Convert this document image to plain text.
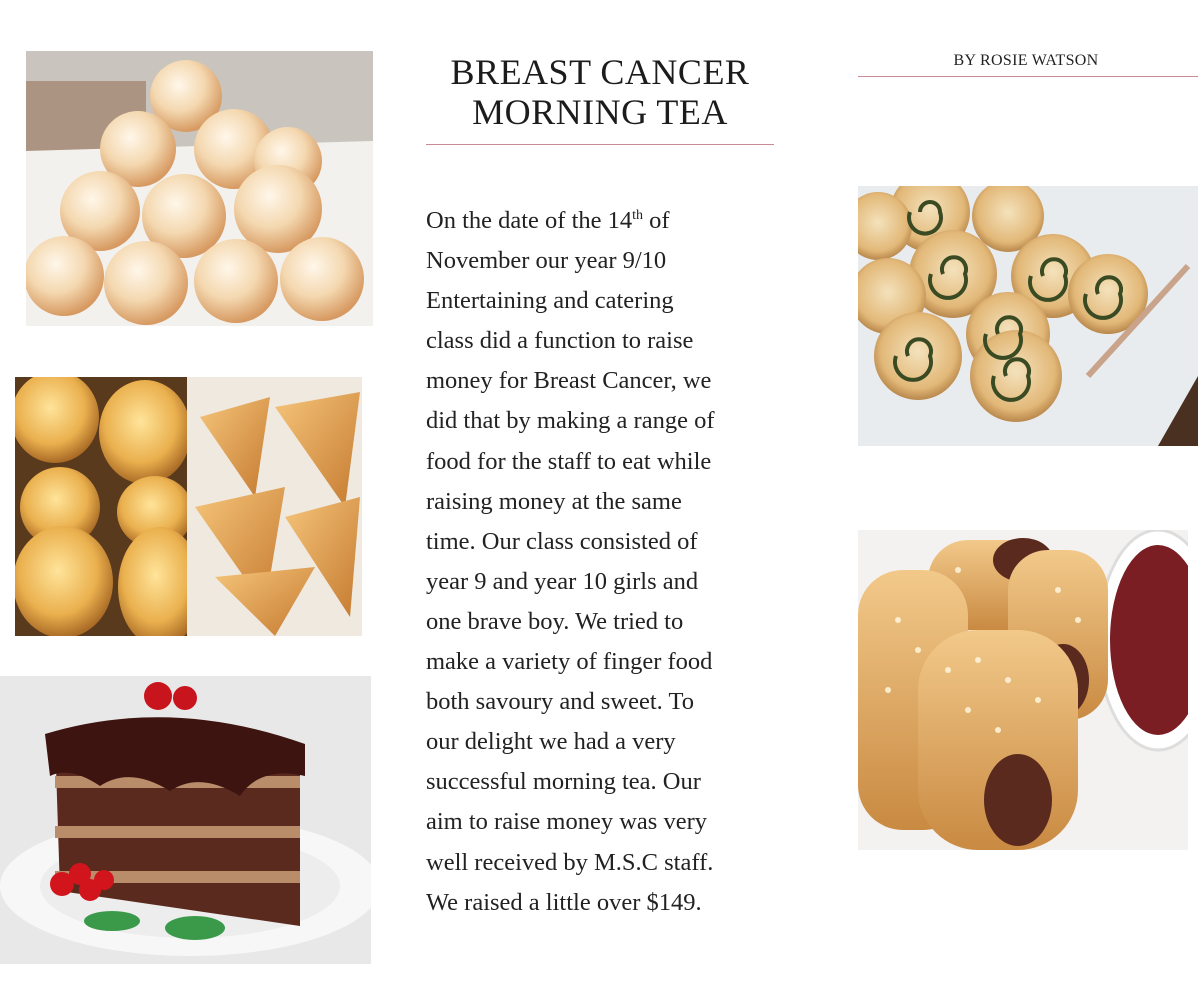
BREAST CANCER
MORNING TEA

On the date of the 14th of
November our year 9/10
Entertaining and catering
class did a function to raise
money for Breast Cancer, we
did that by making a range of
food for the staff to eat while
raising money at the same
time. Our class consisted of
year 9 and year 10 girls and
one brave boy. We tried to
make a variety of finger food
both savoury and sweet. To
our delight we had a very
successful morning tea. Our
aim to raise money was very
well received by M.S.C staff.
We raised a little over $149.

BY ROSIE WATSON
